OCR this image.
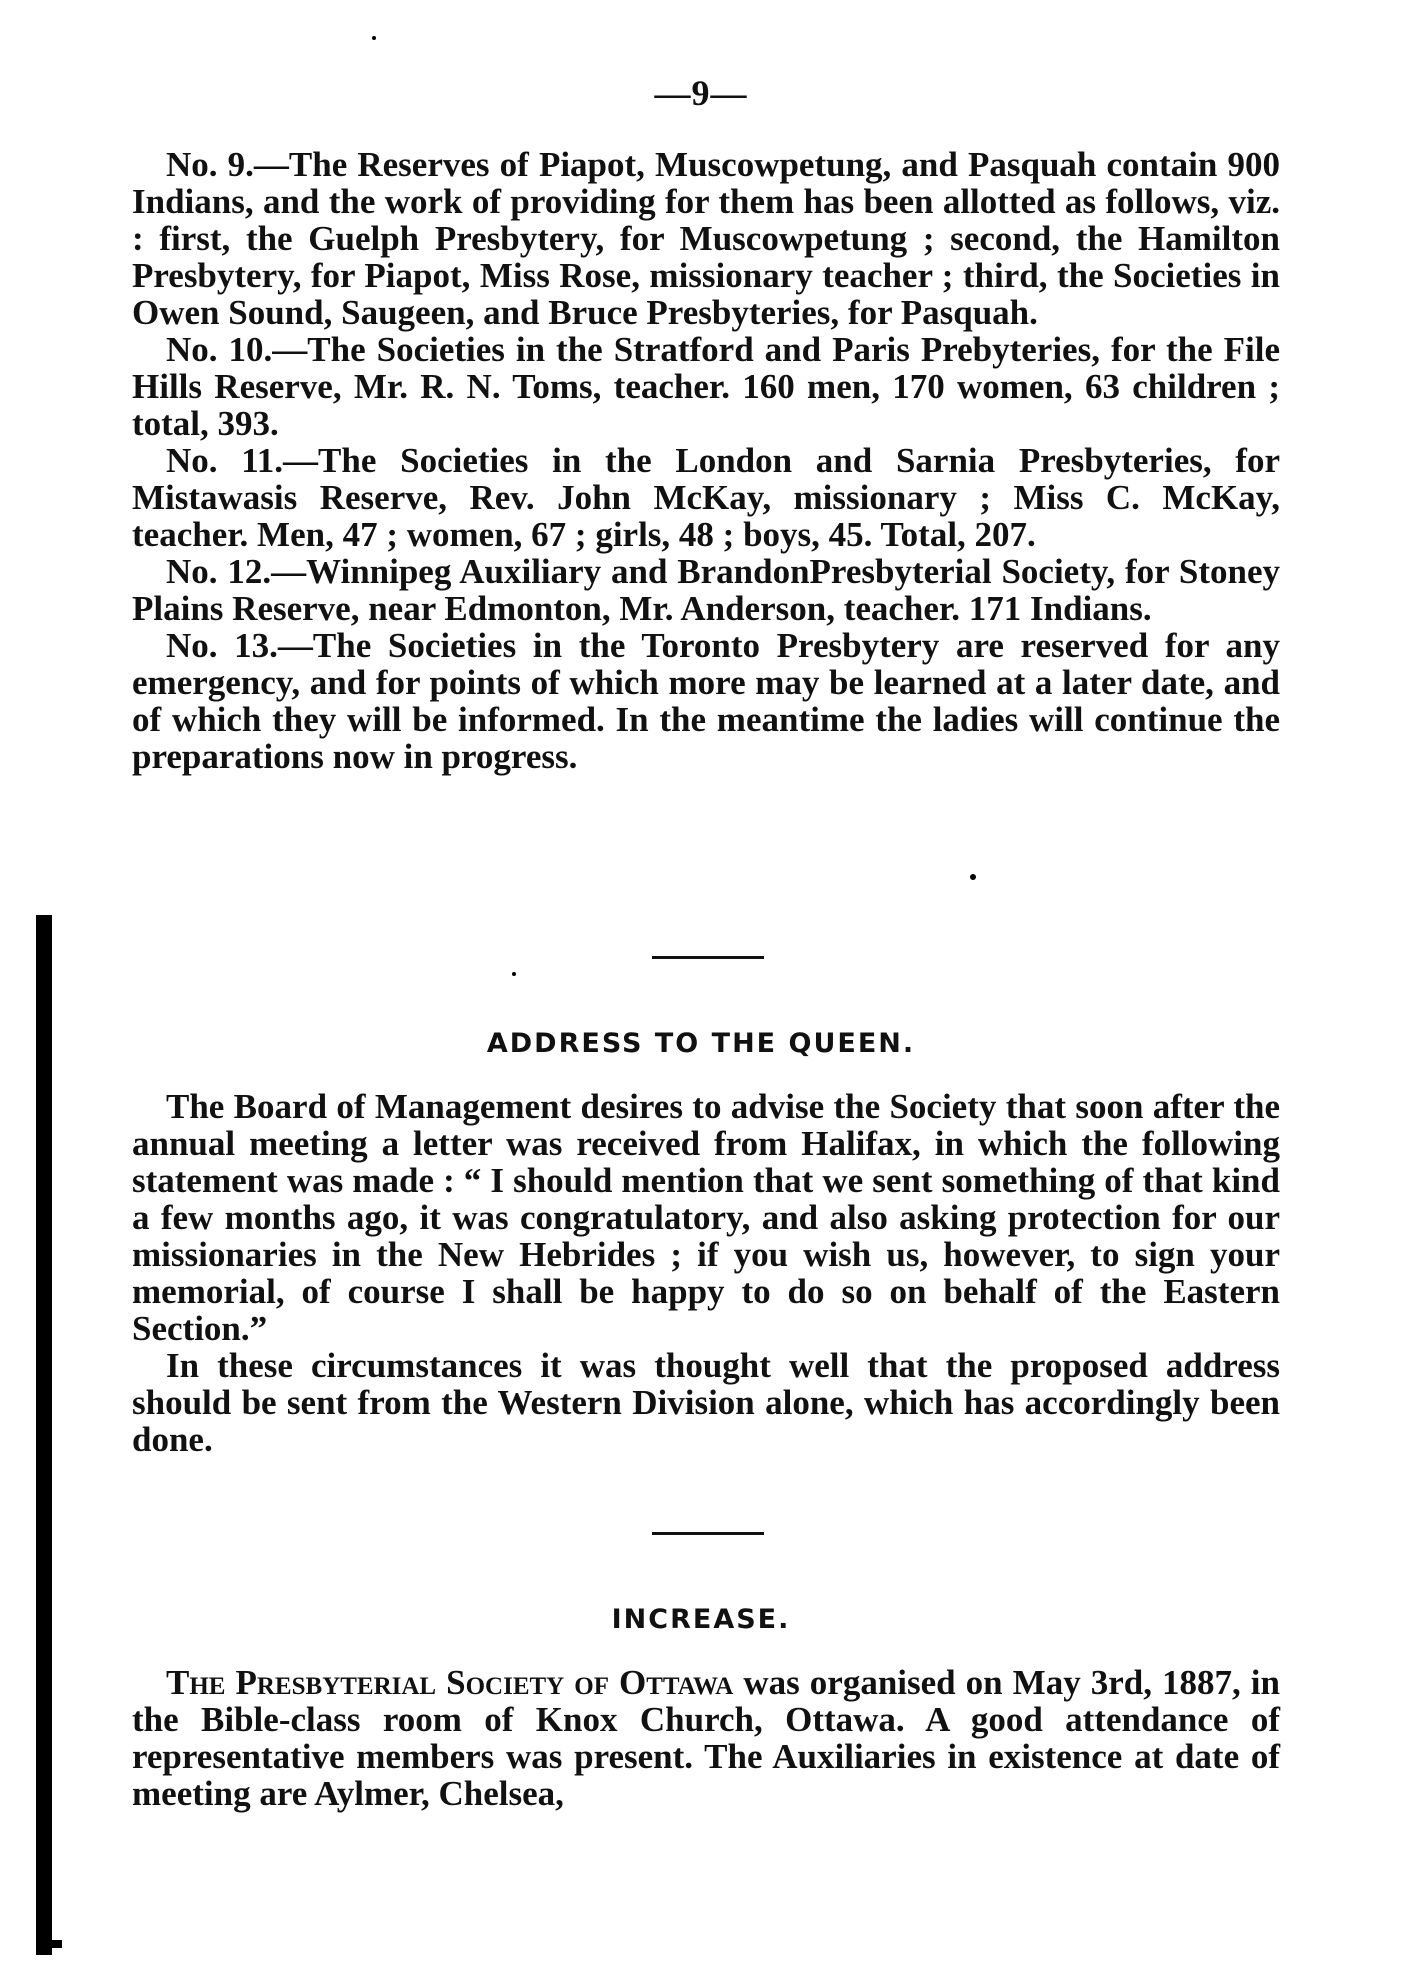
—9—

No. 9.—The Reserves of Piapot, Muscowpetung, and Pasquah contain 900 Indians, and the work of providing for them has been allotted as follows, viz. : first, the Guelph Presbytery, for Muscowpetung ; second, the Hamilton Presbytery, for Piapot, Miss Rose, missionary teacher ; third, the Societies in Owen Sound, Saugeen, and Bruce Presbyteries, for Pasquah.

No. 10.—The Societies in the Stratford and Paris Prebyteries, for the File Hills Reserve, Mr. R. N. Toms, teacher. 160 men, 170 women, 63 children ; total, 393.

No. 11.—The Societies in the London and Sarnia Presbyteries, for Mistawasis Reserve, Rev. John McKay, missionary ; Miss C. McKay, teacher. Men, 47 ; women, 67 ; girls, 48 ; boys, 45. Total, 207.

No. 12.—Winnipeg Auxiliary and BrandonPresbyterial Society, for Stoney Plains Reserve, near Edmonton, Mr. Anderson, teacher. 171 Indians.

No. 13.—The Societies in the Toronto Presbytery are reserved for any emergency, and for points of which more may be learned at a later date, and of which they will be informed. In the meantime the ladies will continue the preparations now in progress.

ADDRESS TO THE QUEEN.

The Board of Management desires to advise the Society that soon after the annual meeting a letter was received from Halifax, in which the following statement was made : “ I should mention that we sent something of that kind a few months ago, it was congratulatory, and also asking protection for our missionaries in the New Hebrides ; if you wish us, however, to sign your memorial, of course I shall be happy to do so on behalf of the Eastern Section.”

In these circumstances it was thought well that the proposed address should be sent from the Western Division alone, which has accordingly been done.

INCREASE.

The Presbyterial Society of Ottawa was organised on May 3rd, 1887, in the Bible-class room of Knox Church, Ottawa. A good attendance of representative members was present. The Auxiliaries in existence at date of meeting are Aylmer, Chelsea,
